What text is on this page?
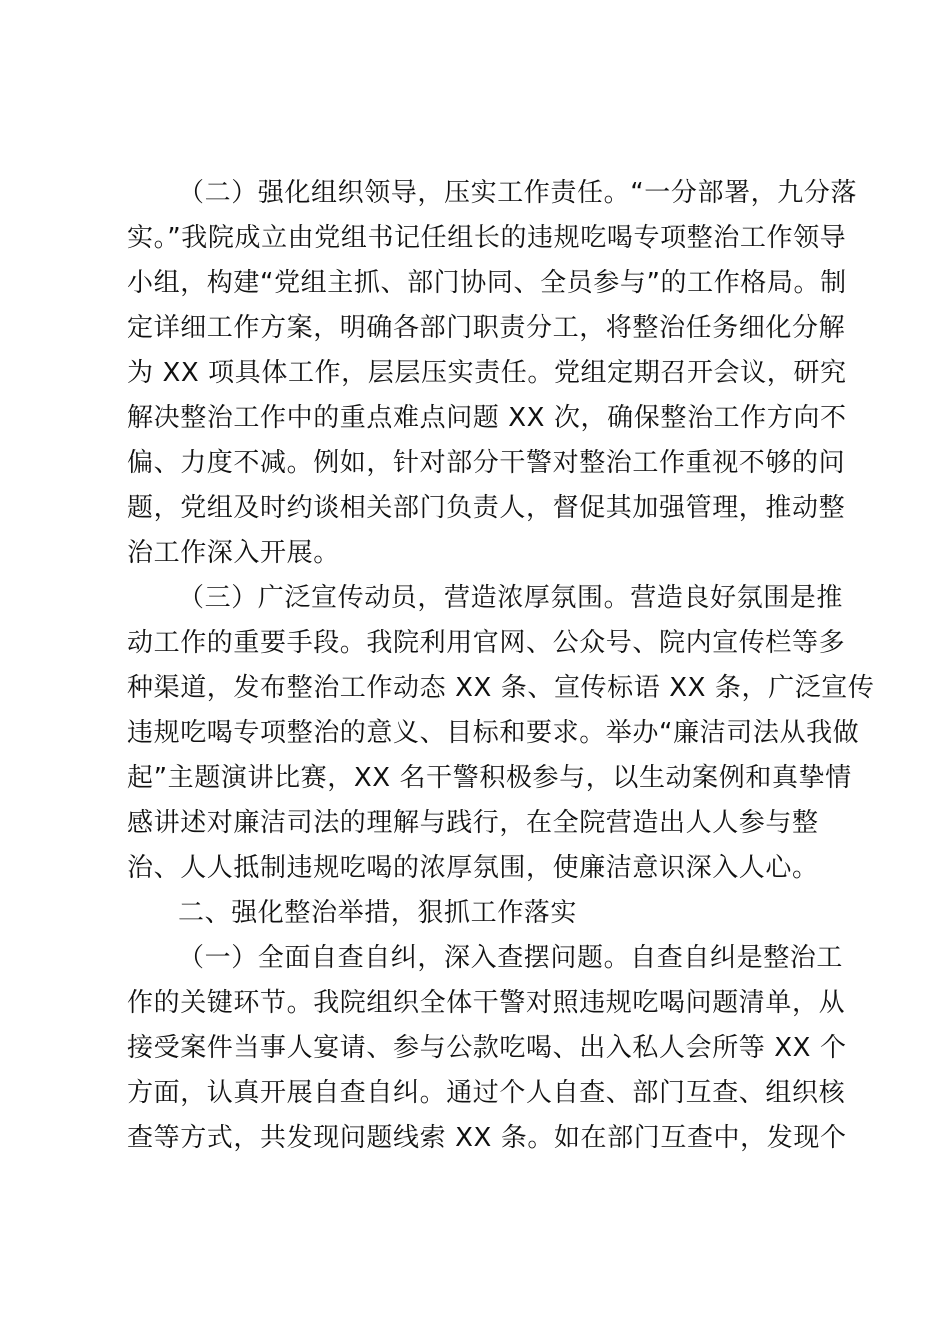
（二）强化组织领导，压实工作责任。“一分部署，九分落
实。”我院成立由党组书记任组长的违规吃喝专项整治工作领导
小组，构建“党组主抓、部门协同、全员参与”的工作格局。制
定详细工作方案，明确各部门职责分工，将整治任务细化分解
为 XX 项具体工作，层层压实责任。党组定期召开会议，研究
解决整治工作中的重点难点问题 XX 次，确保整治工作方向不
偏、力度不减。例如，针对部分干警对整治工作重视不够的问
题，党组及时约谈相关部门负责人，督促其加强管理，推动整
治工作深入开展。
（三）广泛宣传动员，营造浓厚氛围。营造良好氛围是推
动工作的重要手段。我院利用官网、公众号、院内宣传栏等多
种渠道，发布整治工作动态 XX 条、宣传标语 XX 条，广泛宣传
违规吃喝专项整治的意义、目标和要求。举办“廉洁司法从我做
起”主题演讲比赛，XX 名干警积极参与，以生动案例和真挚情
感讲述对廉洁司法的理解与践行，在全院营造出人人参与整
治、人人抵制违规吃喝的浓厚氛围，使廉洁意识深入人心。
二、强化整治举措，狠抓工作落实
（一）全面自查自纠，深入查摆问题。自查自纠是整治工
作的关键环节。我院组织全体干警对照违规吃喝问题清单，从
接受案件当事人宴请、参与公款吃喝、出入私人会所等 XX 个
方面，认真开展自查自纠。通过个人自查、部门互查、组织核
查等方式，共发现问题线索 XX 条。如在部门互查中，发现个
